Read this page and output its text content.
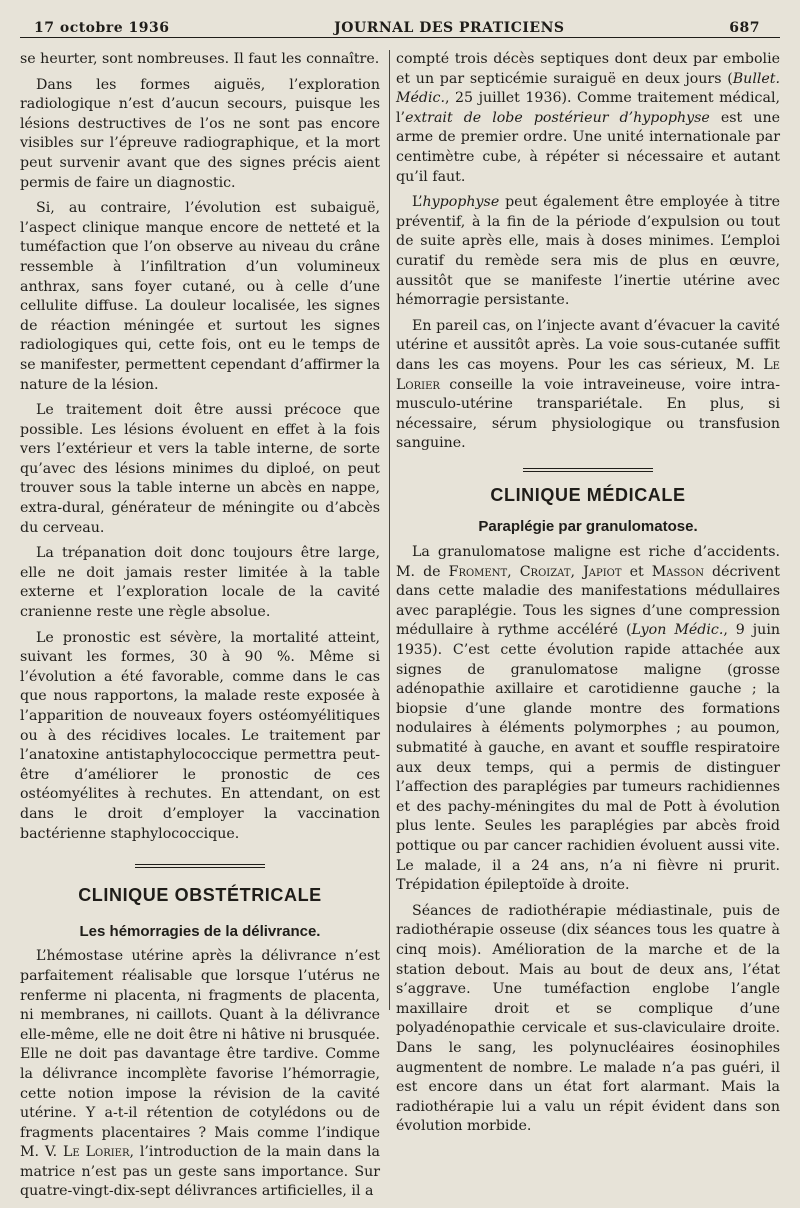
17 octobre 1936	JOURNAL DES PRATICIENS	687

se heurter, sont nombreuses. Il faut les connaître.

Dans les formes aiguës, l’exploration radiologique n’est d’aucun secours, puisque les lésions destructives de l’os ne sont pas encore visibles sur l’épreuve radiographique, et la mort peut survenir avant que des signes précis aient permis de faire un diagnostic.

Si, au contraire, l’évolution est subaiguë, l’aspect clinique manque encore de netteté et la tuméfaction que l’on observe au niveau du crâne ressemble à l’infiltration d’un volumineux anthrax, sans foyer cutané, ou à celle d’une cellulite diffuse. La douleur localisée, les signes de réaction méningée et surtout les signes radiologiques qui, cette fois, ont eu le temps de se manifester, permettent cependant d’affirmer la nature de la lésion.

Le traitement doit être aussi précoce que possible. Les lésions évoluent en effet à la fois vers l’extérieur et vers la table interne, de sorte qu’avec des lésions minimes du diploé, on peut trouver sous la table interne un abcès en nappe, extra-dural, générateur de méningite ou d’abcès du cerveau.

La trépanation doit donc toujours être large, elle ne doit jamais rester limitée à la table externe et l’exploration locale de la cavité cranienne reste une règle absolue.

Le pronostic est sévère, la mortalité atteint, suivant les formes, 30 à 90 %. Même si l’évolution a été favorable, comme dans le cas que nous rapportons, la malade reste exposée à l’apparition de nouveaux foyers ostéomyélitiques ou à des récidives locales. Le traitement par l’anatoxine antistaphylococcique permettra peut-être d’améliorer le pronostic de ces ostéomyélites à rechutes. En attendant, on est dans le droit d’employer la vaccination bactérienne staphylococcique.

CLINIQUE OBSTÉTRICALE
Les hémorragies de la délivrance.

L’hémostase utérine après la délivrance n’est parfaitement réalisable que lorsque l’utérus ne renferme ni placenta, ni fragments de placenta, ni membranes, ni caillots. Quant à la délivrance elle-même, elle ne doit être ni hâtive ni brusquée. Elle ne doit pas davantage être tardive. Comme la délivrance incomplète favorise l’hémorragie, cette notion impose la révision de la cavité utérine. Y a-t-il rétention de cotylédons ou de fragments placentaires ? Mais comme l’indique M. V. Le Lorier, l’introduction de la main dans la matrice n’est pas un geste sans importance. Sur quatre-vingt-dix-sept délivrances artificielles, il a

compté trois décès septiques dont deux par embolie et un par septicémie suraiguë en deux jours (Bullet. Médic., 25 juillet 1936). Comme traitement médical, l’extrait de lobe postérieur d’hypophyse est une arme de premier ordre. Une unité internationale par centimètre cube, à répéter si nécessaire et autant qu’il faut.

L’hypophyse peut également être employée à titre préventif, à la fin de la période d’expulsion ou tout de suite après elle, mais à doses minimes. L’emploi curatif du remède sera mis de plus en œuvre, aussitôt que se manifeste l’inertie utérine avec hémorragie persistante.

En pareil cas, on l’injecte avant d’évacuer la cavité utérine et aussitôt après. La voie sous-cutanée suffit dans les cas moyens. Pour les cas sérieux, M. Le Lorier conseille la voie intraveineuse, voire intra-musculo-utérine transpariétale. En plus, si nécessaire, sérum physiologique ou transfusion sanguine.

CLINIQUE MÉDICALE
Paraplégie par granulomatose.

La granulomatose maligne est riche d’accidents. M. de Froment, Croizat, Japiot et Masson décrivent dans cette maladie des manifestations médullaires avec paraplégie. Tous les signes d’une compression médullaire à rythme accéléré (Lyon Médic., 9 juin 1935). C’est cette évolution rapide attachée aux signes de granulomatose maligne (grosse adénopathie axillaire et carotidienne gauche ; la biopsie d’une glande montre des formations nodulaires à éléments polymorphes ; au poumon, submatité à gauche, en avant et souffle respiratoire aux deux temps, qui a permis de distinguer l’affection des paraplégies par tumeurs rachidiennes et des pachy-méningites du mal de Pott à évolution plus lente. Seules les paraplégies par abcès froid pottique ou par cancer rachidien évoluent aussi vite. Le malade, il a 24 ans, n’a ni fièvre ni prurit. Trépidation épileptoïde à droite.

Séances de radiothérapie médiastinale, puis de radiothérapie osseuse (dix séances tous les quatre à cinq mois). Amélioration de la marche et de la station debout. Mais au bout de deux ans, l’état s’aggrave. Une tuméfaction englobe l’angle maxillaire droit et se complique d’une polyadénopathie cervicale et sus-claviculaire droite. Dans le sang, les polynucléaires éosinophiles augmentent de nombre. Le malade n’a pas guéri, il est encore dans un état fort alarmant. Mais la radiothérapie lui a valu un répit évident dans son évolution morbide.
